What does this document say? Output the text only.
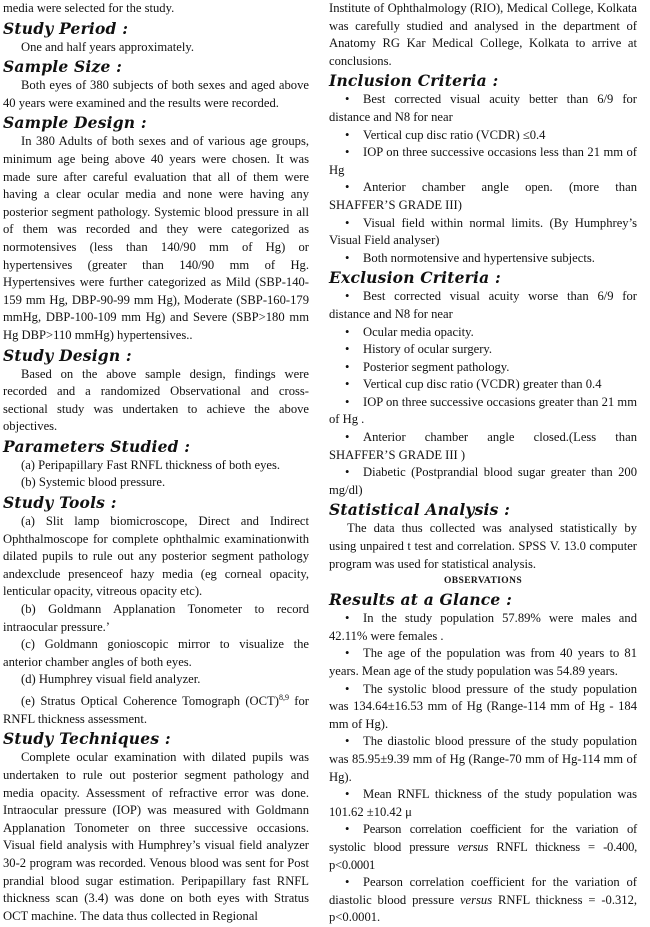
media were selected for the study.

Study Period :

One and half years approximately.

Sample Size :

Both eyes of 380 subjects of both sexes and aged above 40 years were examined and the results were recorded.

Sample Design :

In 380 Adults of both sexes and of various age groups, minimum age being above 40 years were chosen. It was made sure after careful evaluation that all of them were having a clear ocular media and none were having any posterior segment pathology. Systemic blood pressure in all of them was recorded and they were categorized as normotensives (less than 140/90 mm of Hg) or hypertensives (greater than 140/90 mm of Hg. Hypertensives were further categorized as Mild (SBP-140-159 mm Hg, DBP-90-99 mm Hg), Moderate (SBP-160-179 mmHg, DBP-100-109 mm Hg) and Severe (SBP>180 mm Hg DBP>110 mmHg) hypertensives..

Study Design :

Based on the above sample design, findings were recorded and a randomized Observational and cross-sectional study was undertaken to achieve the above objectives.

Parameters Studied :

(a) Peripapillary Fast RNFL thickness of both eyes.

(b) Systemic blood pressure.

Study Tools :

(a) Slit lamp biomicroscope, Direct and Indirect Ophthalmoscope for complete ophthalmic examinationwith dilated pupils to rule out any posterior segment pathology andexclude presenceof hazy media (eg corneal opacity, lenticular opacity, vitreous opacity etc).

(b) Goldmann Applanation Tonometer to record intraocular pressure.’

(c) Goldmann gonioscopic mirror to visualize the anterior chamber angles of both eyes.

(d) Humphrey visual field analyzer.

(e) Stratus Optical Coherence Tomograph (OCT)$^{8,9}$ for RNFL thickness assessment.

Study Techniques :

Complete ocular examination with dilated pupils was undertaken to rule out posterior segment pathology and media opacity. Assessment of refractive error was done. Intraocular pressure (IOP) was measured with Goldmann Applanation Tonometer on three successive occasions. Visual field analysis with Humphrey’s visual field analyzer 30-2 program was recorded. Venous blood was sent for Post prandial blood sugar estimation. Peripapillary fast RNFL thickness scan (3.4) was done on both eyes with Stratus OCT machine. The data thus collected in Regional

Institute of Ophthalmology (RIO), Medical College, Kolkata was carefully studied and analysed in the department of Anatomy RG Kar Medical College, Kolkata to arrive at conclusions.

Inclusion Criteria :

• Best corrected visual acuity better than 6/9 for distance and N8 for near

• Vertical cup disc ratio (VCDR) ≤0.4

• IOP on three successive occasions less than 21 mm of Hg

• Anterior chamber angle open. (more than SHAFFER’S GRADE III)

• Visual field within normal limits. (By Humphrey’s Visual Field analyser)

• Both normotensive and hypertensive subjects.

Exclusion Criteria :

• Best corrected visual acuity worse than 6/9 for distance and N8 for near

• Ocular media opacity.

• History of ocular surgery.

• Posterior segment pathology.

• Vertical cup disc ratio (VCDR) greater than 0.4

• IOP on three successive occasions greater than 21 mm of Hg .

• Anterior chamber angle closed.(Less than SHAFFER’S GRADE III )

• Diabetic (Postprandial blood sugar greater than 200 mg/dl)

Statistical Analysis :

The data thus collected was analysed statistically by using unpaired t test and correlation. SPSS V. 13.0 computer program was used for statistical analysis.

OBSERVATIONS

Results at a Glance :

• In the study population 57.89% were males and 42.11% were females .

• The age of the population was from 40 years to 81 years. Mean age of the study population was 54.89 years.

• The systolic blood pressure of the study population was 134.64±16.53 mm of Hg (Range-114 mm of Hg - 184 mm of Hg).

• The diastolic blood pressure of the study population was 85.95±9.39 mm of Hg (Range-70 mm of Hg-114 mm of Hg).

• Mean RNFL thickness of the study population was 101.62 ±10.42 μ

• Pearson correlation coefficient for the variation of systolic blood pressure versus RNFL thickness = -0.400, p<0.0001

• Pearson correlation coefficient for the variation of diastolic blood pressure versus RNFL thickness = -0.312, p<0.0001.
